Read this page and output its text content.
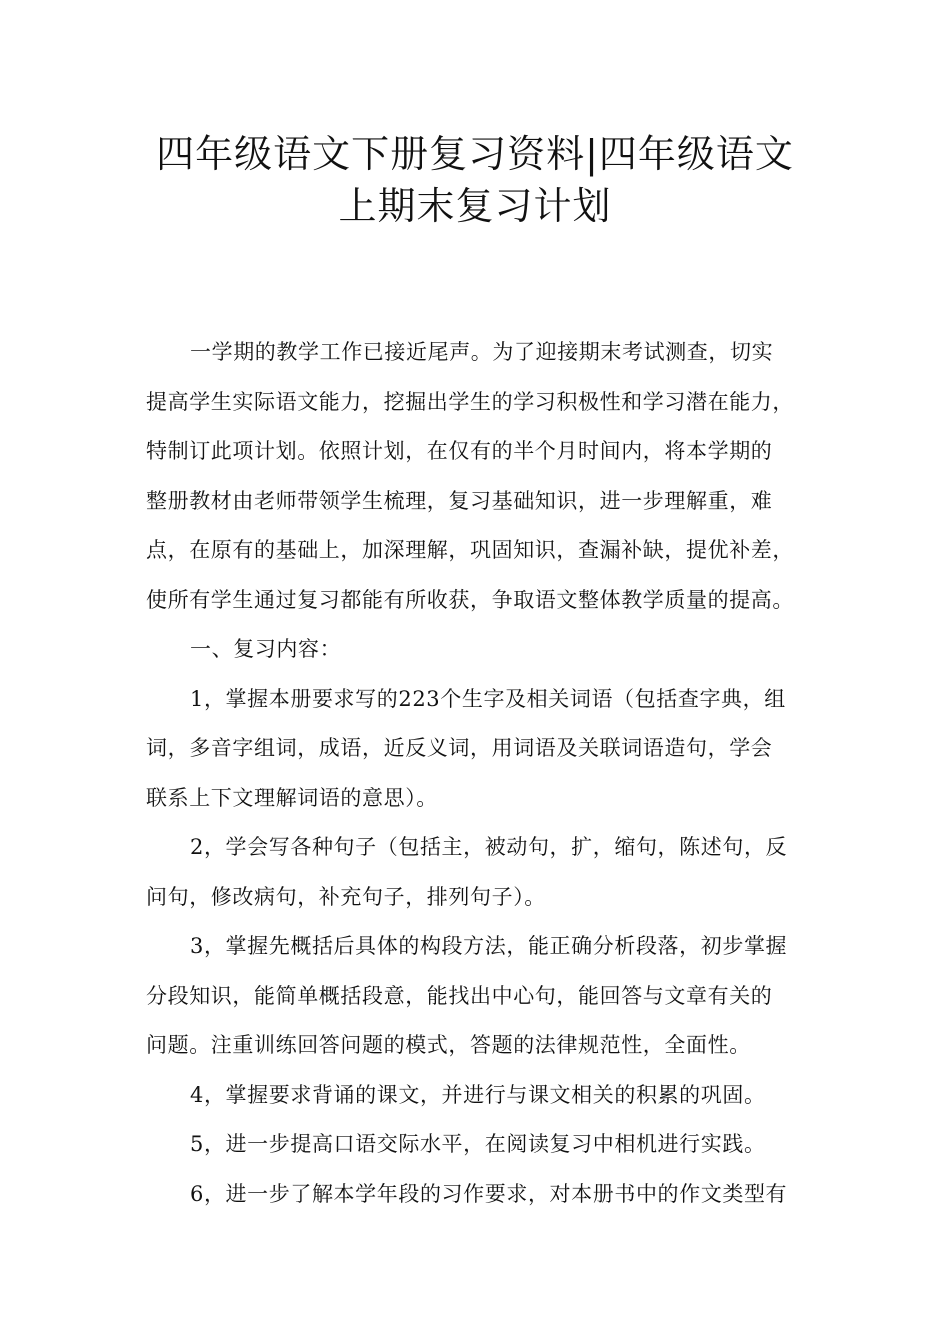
四年级语文下册复习资料|四年级语文
上期末复习计划
一学期的教学工作已接近尾声。为了迎接期末考试测查，切实
提高学生实际语文能力，挖掘出学生的学习积极性和学习潜在能力，
特制订此项计划。依照计划，在仅有的半个月时间内，将本学期的
整册教材由老师带领学生梳理，复习基础知识，进一步理解重，难
点，在原有的基础上，加深理解，巩固知识，查漏补缺，提优补差，
使所有学生通过复习都能有所收获，争取语文整体教学质量的提高。
一、复习内容：
1，掌握本册要求写的223个生字及相关词语（包括查字典，组
词，多音字组词，成语，近反义词，用词语及关联词语造句，学会
联系上下文理解词语的意思）。
2，学会写各种句子（包括主，被动句，扩，缩句，陈述句，反
问句，修改病句，补充句子，排列句子）。
3，掌握先概括后具体的构段方法，能正确分析段落，初步掌握
分段知识，能简单概括段意，能找出中心句，能回答与文章有关的
问题。注重训练回答问题的模式，答题的法律规范性，全面性。
4，掌握要求背诵的课文，并进行与课文相关的积累的巩固。
5，进一步提高口语交际水平，在阅读复习中相机进行实践。
6，进一步了解本学年段的习作要求，对本册书中的作文类型有
